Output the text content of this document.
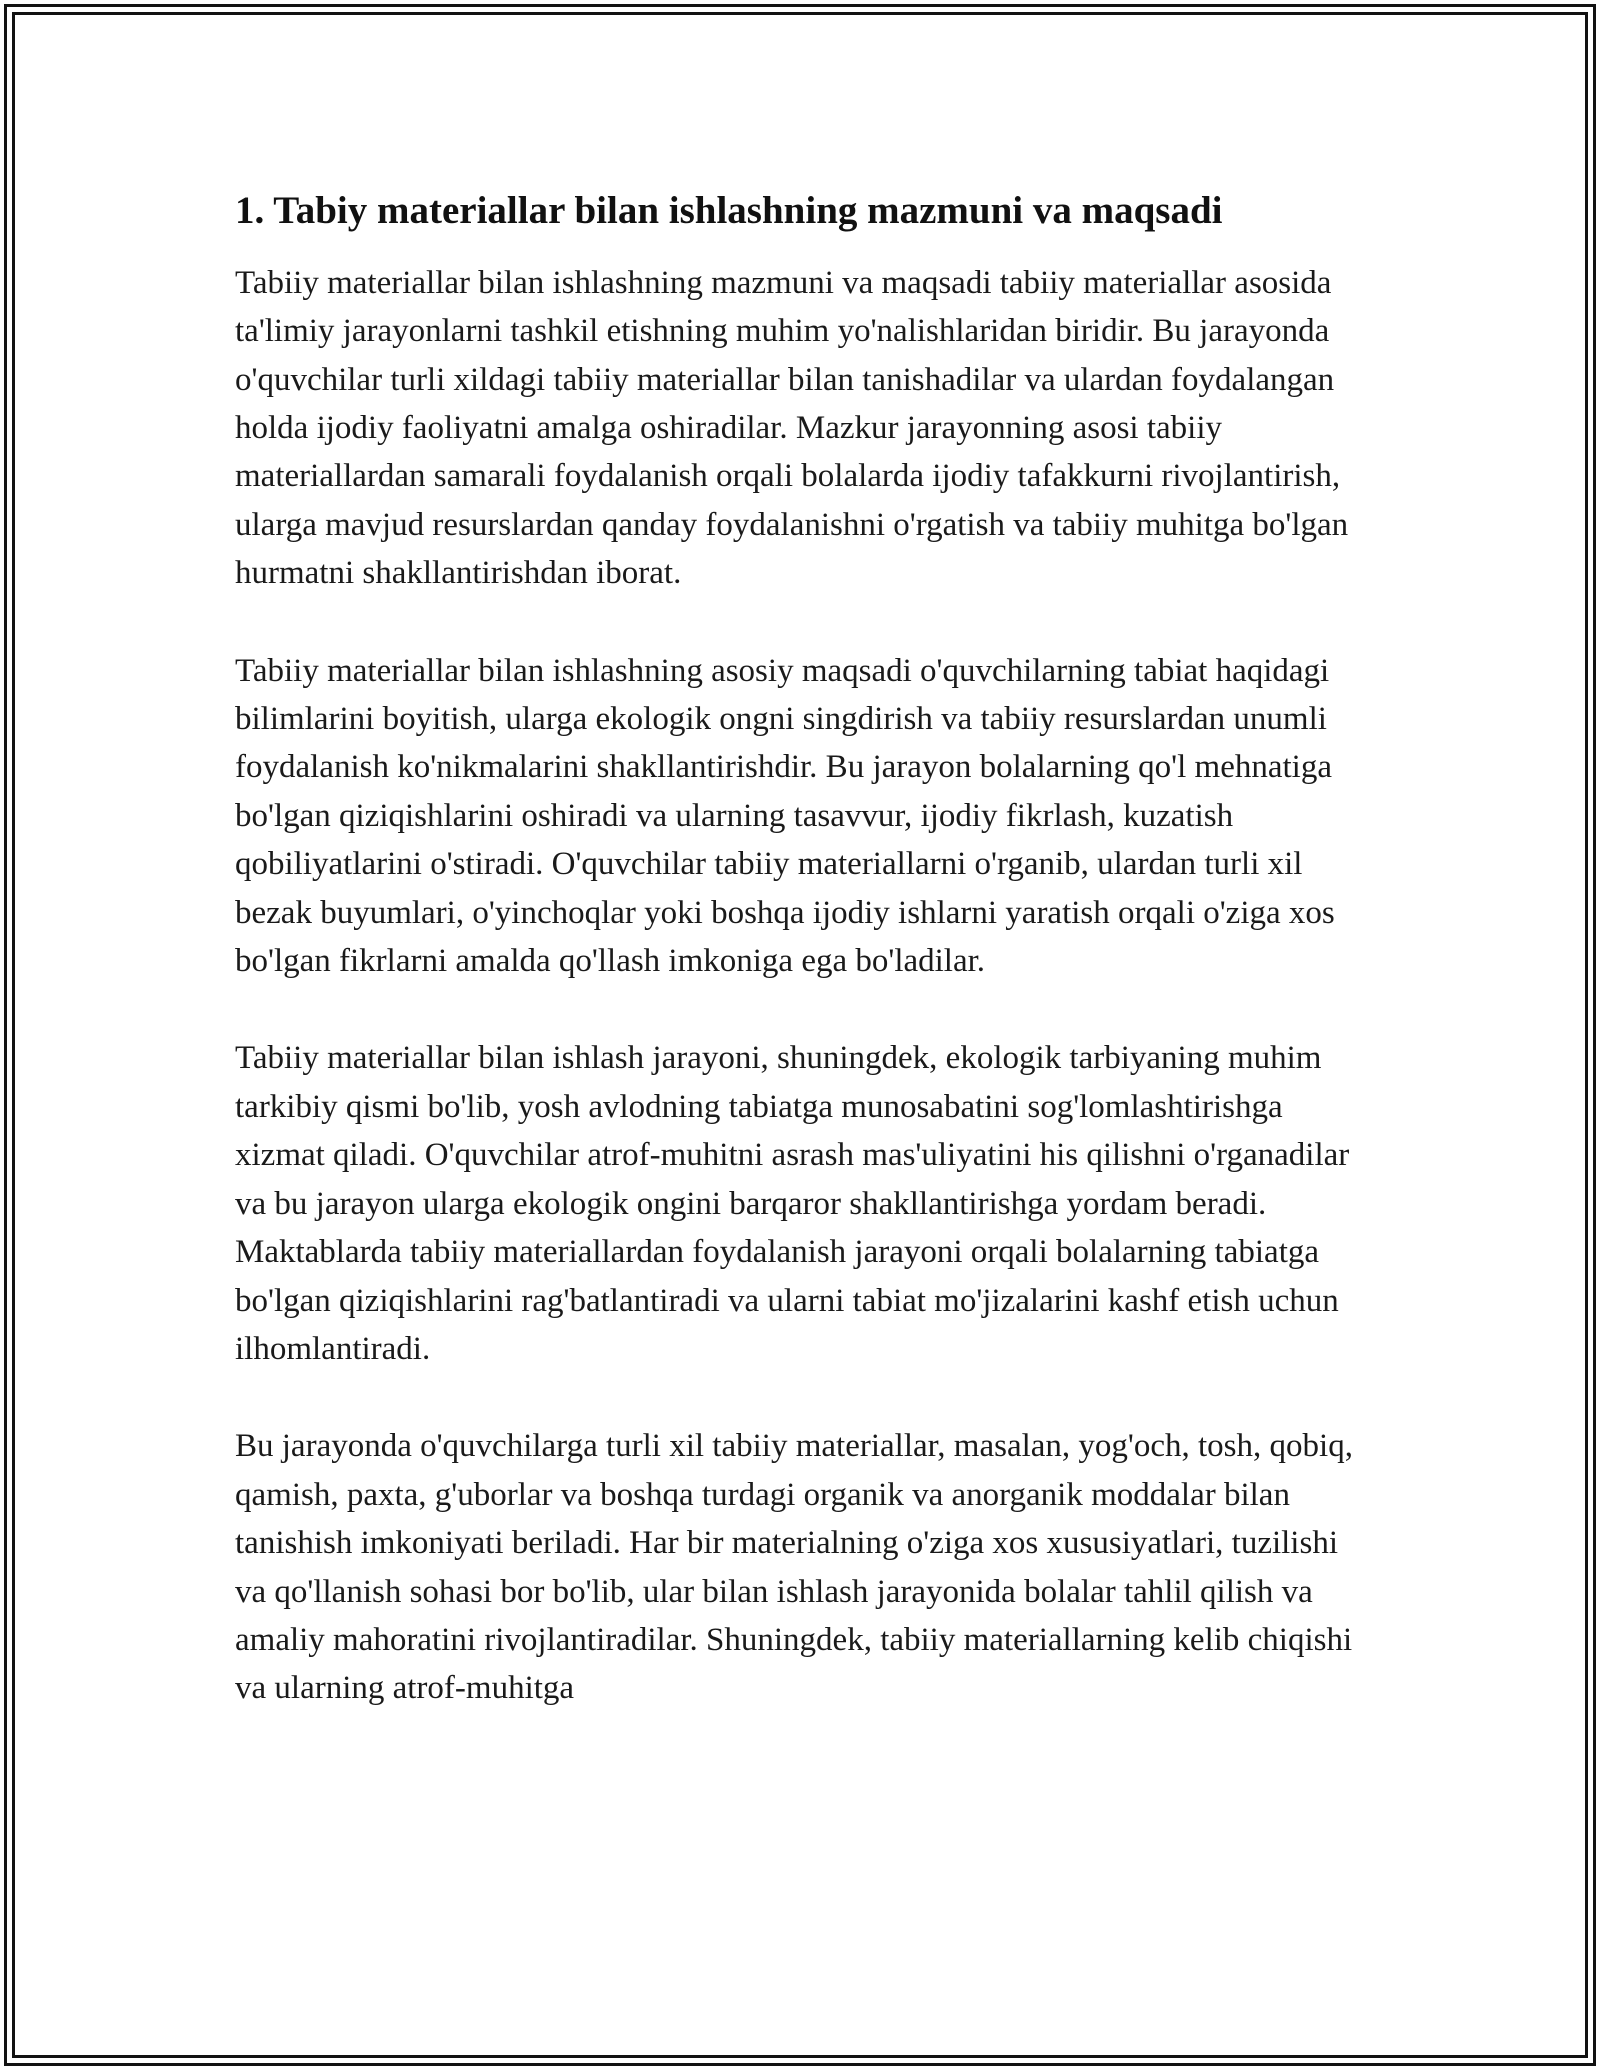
1. Tabiy materiallar bilan ishlashning mazmuni va maqsadi

Tabiiy materiallar bilan ishlashning mazmuni va maqsadi tabiiy materiallar asosida ta'limiy jarayonlarni tashkil etishning muhim yo'nalishlaridan biridir. Bu jarayonda o'quvchilar turli xildagi tabiiy materiallar bilan tanishadilar va ulardan foydalangan holda ijodiy faoliyatni amalga oshiradilar. Mazkur jarayonning asosi tabiiy materiallardan samarali foydalanish orqali bolalarda ijodiy tafakkurni rivojlantirish, ularga mavjud resurslardan qanday foydalanishni o'rgatish va tabiiy muhitga bo'lgan hurmatni shakllantirishdan iborat.

Tabiiy materiallar bilan ishlashning asosiy maqsadi o'quvchilarning tabiat haqidagi bilimlarini boyitish, ularga ekologik ongni singdirish va tabiiy resurslardan unumli foydalanish ko'nikmalarini shakllantirishdir. Bu jarayon bolalarning qo'l mehnatiga bo'lgan qiziqishlarini oshiradi va ularning tasavvur, ijodiy fikrlash, kuzatish qobiliyatlarini o'stiradi. O'quvchilar tabiiy materiallarni o'rganib, ulardan turli xil bezak buyumlari, o'yinchoqlar yoki boshqa ijodiy ishlarni yaratish orqali o'ziga xos bo'lgan fikrlarni amalda qo'llash imkoniga ega bo'ladilar.

Tabiiy materiallar bilan ishlash jarayoni, shuningdek, ekologik tarbiyaning muhim tarkibiy qismi bo'lib, yosh avlodning tabiatga munosabatini sog'lomlashtirishga xizmat qiladi. O'quvchilar atrof-muhitni asrash mas'uliyatini his qilishni o'rganadilar va bu jarayon ularga ekologik ongini barqaror shakllantirishga yordam beradi. Maktablarda tabiiy materiallardan foydalanish jarayoni orqali bolalarning tabiatga bo'lgan qiziqishlarini rag'batlantiradi va ularni tabiat mo'jizalarini kashf etish uchun ilhomlantiradi.

Bu jarayonda o'quvchilarga turli xil tabiiy materiallar, masalan, yog'och, tosh, qobiq, qamish, paxta, g'uborlar va boshqa turdagi organik va anorganik moddalar bilan tanishish imkoniyati beriladi. Har bir materialning o'ziga xos xususiyatlari, tuzilishi va qo'llanish sohasi bor bo'lib, ular bilan ishlash jarayonida bolalar tahlil qilish va amaliy mahoratini rivojlantiradilar. Shuningdek, tabiiy materiallarning kelib chiqishi va ularning atrof-muhitga
